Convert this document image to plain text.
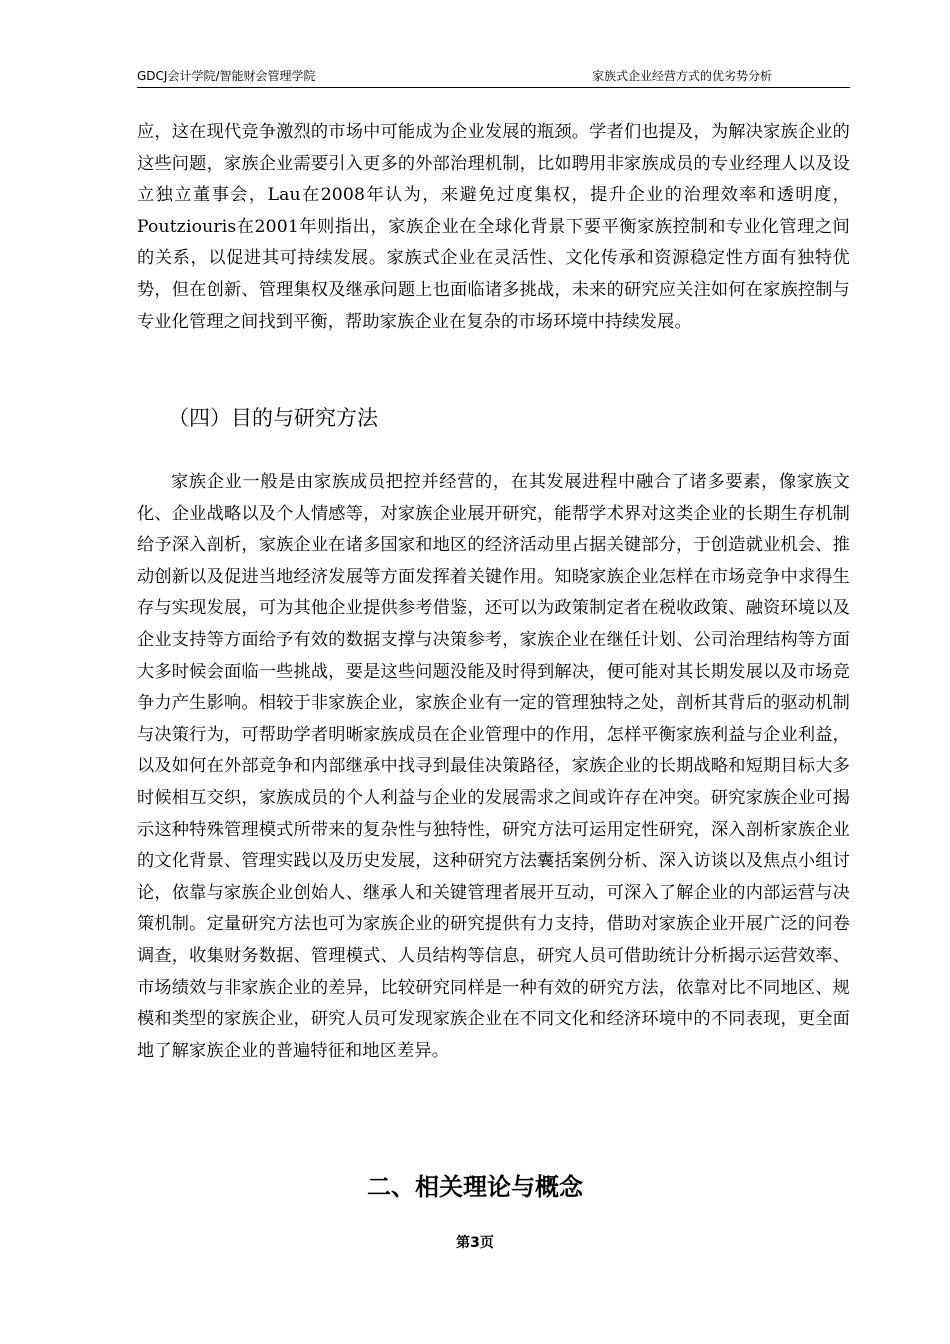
GDCJ会计学院/智能财会管理学院	家族式企业经营方式的优劣势分析

应，这在现代竞争激烈的市场中可能成为企业发展的瓶颈。学者们也提及，为解决家族企业的这些问题，家族企业需要引入更多的外部治理机制，比如聘用非家族成员的专业经理人以及设立独立董事会，Lau在2008年认为，来避免过度集权，提升企业的治理效率和透明度，Poutziouris在2001年则指出，家族企业在全球化背景下要平衡家族控制和专业化管理之间的关系，以促进其可持续发展。家族式企业在灵活性、文化传承和资源稳定性方面有独特优势，但在创新、管理集权及继承问题上也面临诸多挑战，未来的研究应关注如何在家族控制与专业化管理之间找到平衡，帮助家族企业在复杂的市场环境中持续发展。

（四）目的与研究方法

家族企业一般是由家族成员把控并经营的，在其发展进程中融合了诸多要素，像家族文化、企业战略以及个人情感等，对家族企业展开研究，能帮学术界对这类企业的长期生存机制给予深入剖析，家族企业在诸多国家和地区的经济活动里占据关键部分，于创造就业机会、推动创新以及促进当地经济发展等方面发挥着关键作用。知晓家族企业怎样在市场竞争中求得生存与实现发展，可为其他企业提供参考借鉴，还可以为政策制定者在税收政策、融资环境以及企业支持等方面给予有效的数据支撑与决策参考，家族企业在继任计划、公司治理结构等方面大多时候会面临一些挑战，要是这些问题没能及时得到解决，便可能对其长期发展以及市场竞争力产生影响。相较于非家族企业，家族企业有一定的管理独特之处，剖析其背后的驱动机制与决策行为，可帮助学者明晰家族成员在企业管理中的作用，怎样平衡家族利益与企业利益，以及如何在外部竞争和内部继承中找寻到最佳决策路径，家族企业的长期战略和短期目标大多时候相互交织，家族成员的个人利益与企业的发展需求之间或许存在冲突。研究家族企业可揭示这种特殊管理模式所带来的复杂性与独特性，研究方法可运用定性研究，深入剖析家族企业的文化背景、管理实践以及历史发展，这种研究方法囊括案例分析、深入访谈以及焦点小组讨论，依靠与家族企业创始人、继承人和关键管理者展开互动，可深入了解企业的内部运营与决策机制。定量研究方法也可为家族企业的研究提供有力支持，借助对家族企业开展广泛的问卷调查，收集财务数据、管理模式、人员结构等信息，研究人员可借助统计分析揭示运营效率、市场绩效与非家族企业的差异，比较研究同样是一种有效的研究方法，依靠对比不同地区、规模和类型的家族企业，研究人员可发现家族企业在不同文化和经济环境中的不同表现，更全面地了解家族企业的普遍特征和地区差异。

二、相关理论与概念
第3页
